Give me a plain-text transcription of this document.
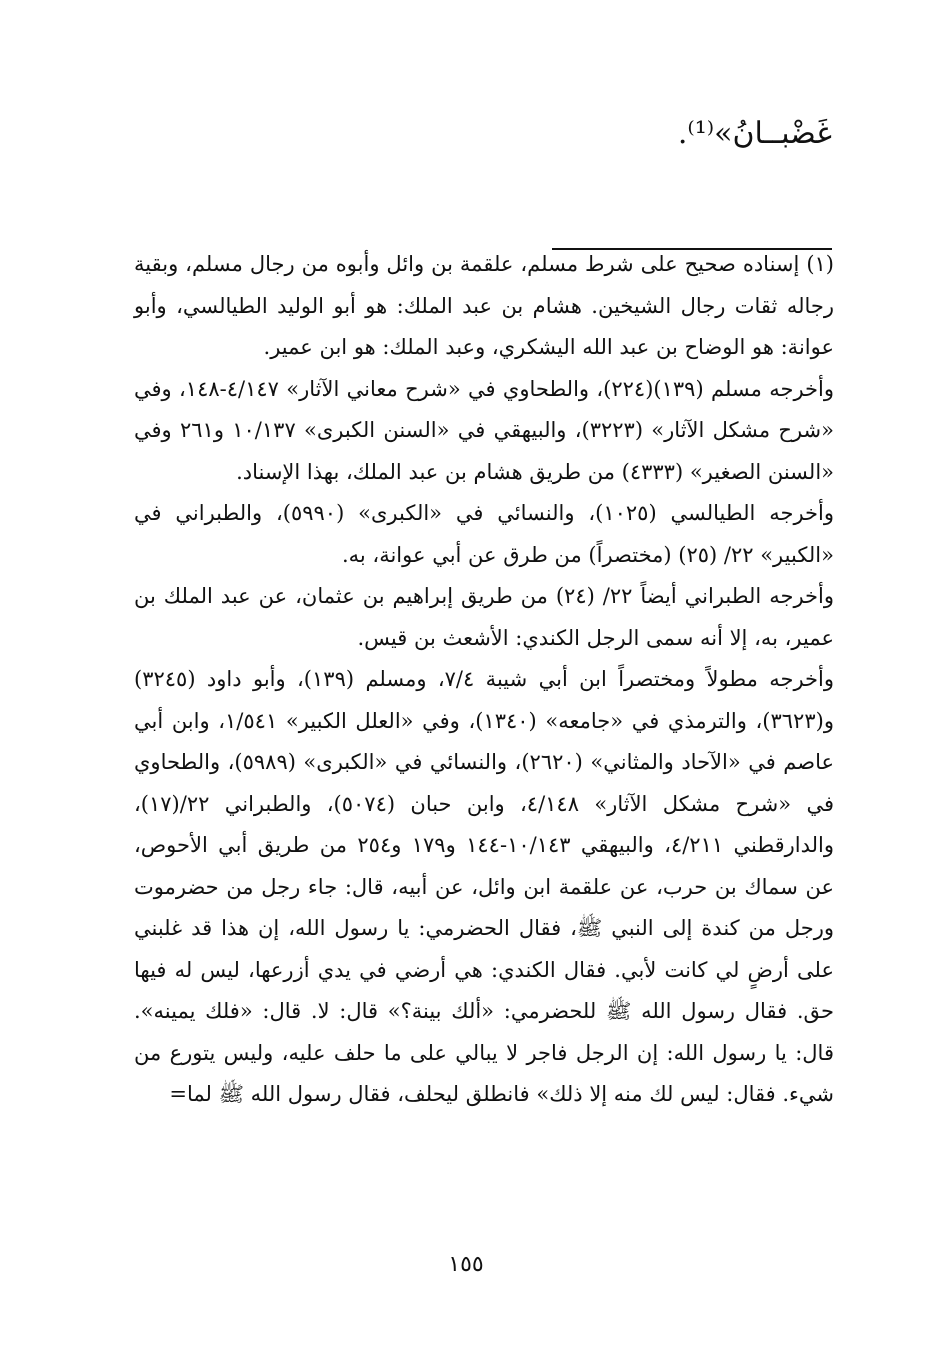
غَضْبــانُ»⁽¹⁾.

(١) إسناده صحيح على شرط مسلم، علقمة بن وائل وأبوه من رجال مسلم، وبقية رجاله ثقات رجال الشيخين. هشام بن عبد الملك: هو أبو الوليد الطيالسي، وأبو عوانة: هو الوضاح بن عبد الله اليشكري، وعبد الملك: هو ابن عمير.

وأخرجه مسلم (١٣٩)(٢٢٤)، والطحاوي في «شرح معاني الآثار» ٤/١٤٧-١٤٨، وفي «شرح مشكل الآثار» (٣٢٢٣)، والبيهقي في «السنن الكبرى» ١٠/١٣٧ و٢٦١ وفي «السنن الصغير» (٤٣٣٣) من طريق هشام بن عبد الملك، بهذا الإسناد.

وأخرجه الطيالسي (١٠٢٥)، والنسائي في «الكبرى» (٥٩٩٠)، والطبراني في «الكبير» ٢٢/ (٢٥) (مختصراً) من طرق عن أبي عوانة، به.

وأخرجه الطبراني أيضاً ٢٢/ (٢٤) من طريق إبراهيم بن عثمان، عن عبد الملك بن عمير، به، إلا أنه سمى الرجل الكندي: الأشعث بن قيس.

وأخرجه مطولاً ومختصراً ابن أبي شيبة ٧/٤، ومسلم (١٣٩)، وأبو داود (٣٢٤٥) و(٣٦٢٣)، والترمذي في «جامعه» (١٣٤٠)، وفي «العلل الكبير» ١/٥٤١، وابن أبي عاصم في «الآحاد والمثاني» (٢٦٢٠)، والنسائي في «الكبرى» (٥٩٨٩)، والطحاوي في «شرح مشكل الآثار» ٤/١٤٨، وابن حبان (٥٠٧٤)، والطبراني ٢٢/(١٧)، والدارقطني ٤/٢١١، والبيهقي ١٠/١٤٣-١٤٤ و١٧٩ و٢٥٤ من طريق أبي الأحوص، عن سماك بن حرب، عن علقمة ابن وائل، عن أبيه، قال: جاء رجل من حضرموت ورجل من كندة إلى النبي ﷺ، فقال الحضرمي: يا رسول الله، إن هذا قد غلبني على أرضٍ لي كانت لأبي. فقال الكندي: هي أرضي في يدي أزرعها، ليس له فيها حق. فقال رسول الله ﷺ للحضرمي: «ألك بينة؟» قال: لا. قال: «فلك يمينه». قال: يا رسول الله: إن الرجل فاجر لا يبالي على ما حلف عليه، وليس يتورع من شيء. فقال: ليس لك منه إلا ذلك» فانطلق ليحلف، فقال رسول الله ﷺ لما=

١٥٥
